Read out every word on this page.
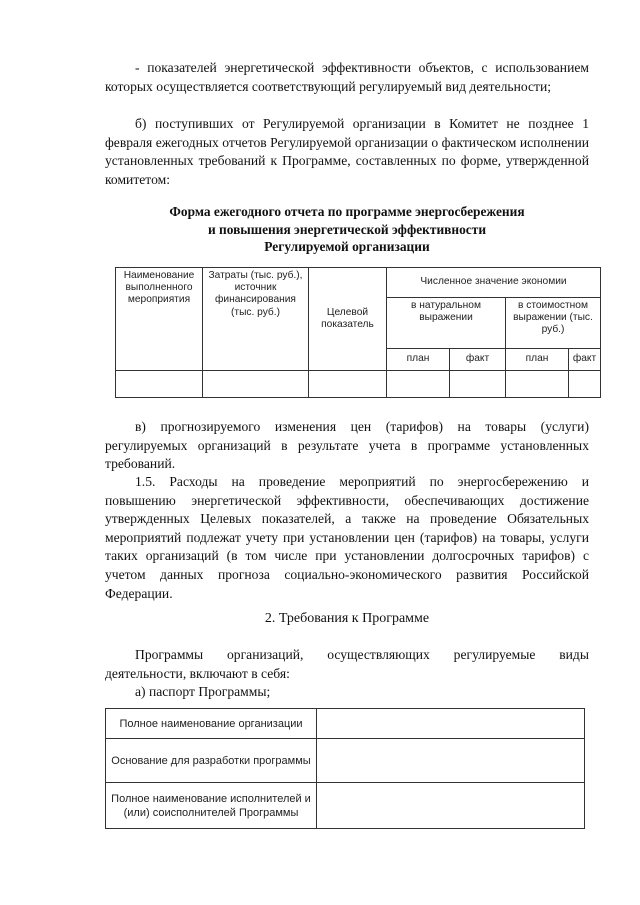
- показателей энергетической эффективности объектов, с использованием которых осуществляется соответствующий регулируемый вид деятельности;

б) поступивших от Регулируемой организации в Комитет не позднее 1 февраля ежегодных отчетов Регулируемой организации о фактическом исполнении установленных требований к Программе, составленных по форме, утвержденной комитетом:

Форма ежегодного отчета по программе энергосбережения
и повышения энергетической эффективности
Регулируемой организации
Наименование выполненного мероприятия	Затраты (тыс. руб.), источник финансирования (тыс. руб.)	Целевой показатель	Численное значение экономии			
			в натуральном выражении		в стоимостном выражении (тыс. руб.)	
			план	факт	план	факт

в) прогнозируемого изменения цен (тарифов) на товары (услуги) регулируемых организаций в результате учета в программе установленных требований.

1.5. Расходы на проведение мероприятий по энергосбережению и повышению энергетической эффективности, обеспечивающих достижение утвержденных Целевых показателей, а также на проведение Обязательных мероприятий подлежат учету при установлении цен (тарифов) на товары, услуги таких организаций (в том числе при установлении долгосрочных тарифов) с учетом данных прогноза социально-экономического развития Российской Федерации.

2. Требования к Программе

Программы организаций, осуществляющих регулируемые виды деятельности, включают в себя:

а) паспорт Программы;

Полное наименование организации	
Основание для разработки программы	
Полное наименование исполнителей и (или) соисполнителей Программы	
